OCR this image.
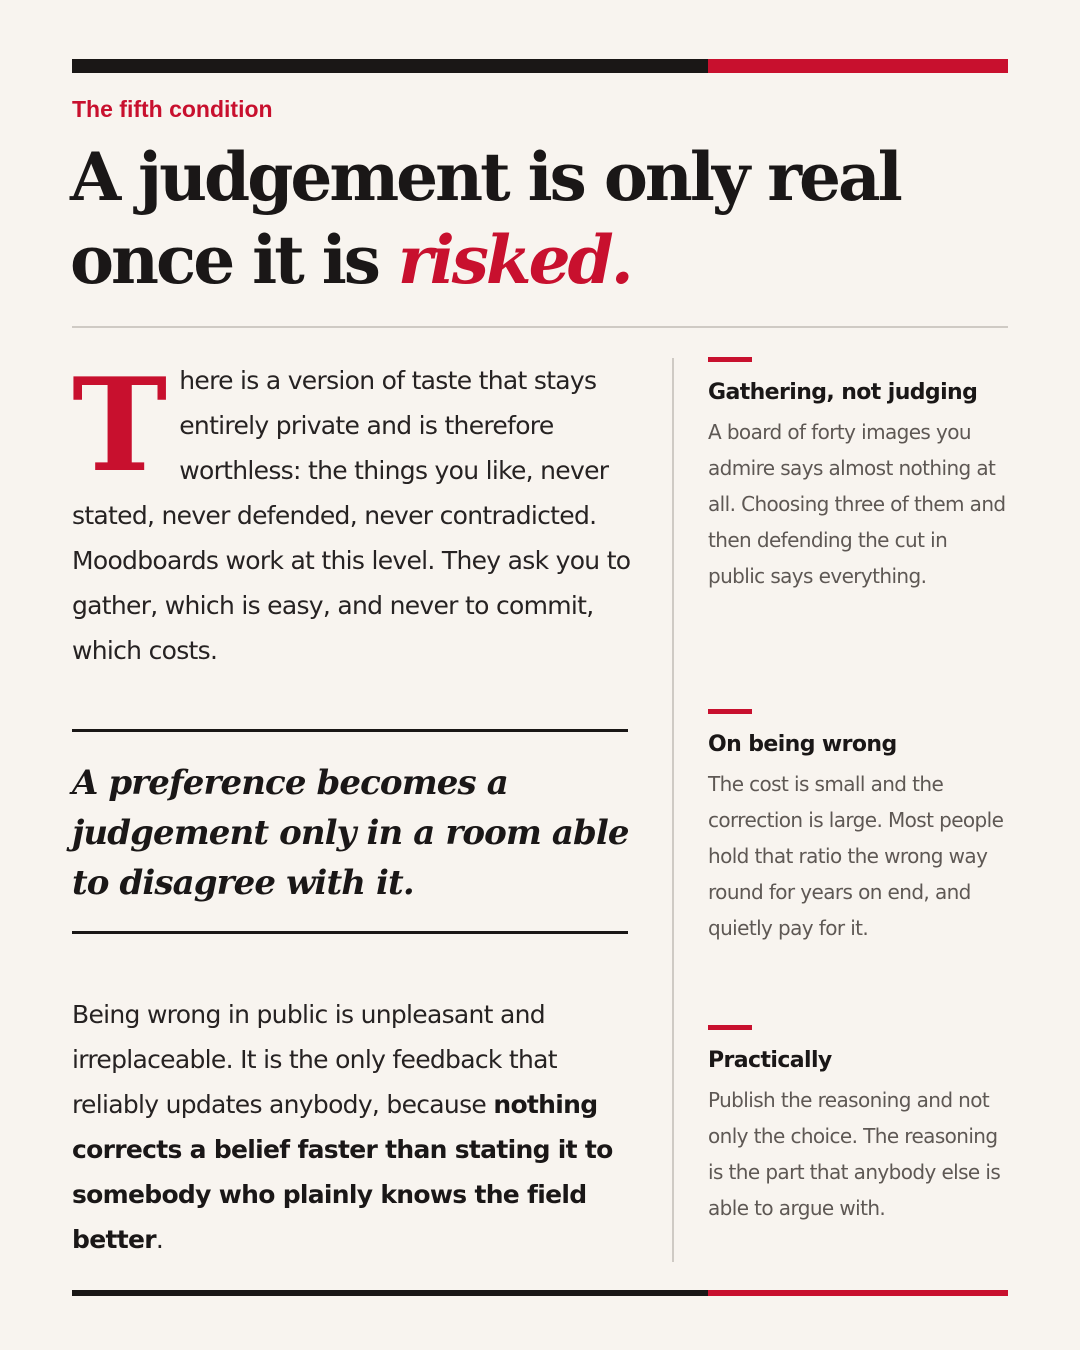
The fifth condition
A judgement is only real once it is risked.

There is a version of taste that stays entirely private and is therefore worthless: the things you like, never stated, never defended, never contradicted. Moodboards work at this level. They ask you to gather, which is easy, and never to commit, which costs.

A preference becomes a judgement only in a room able to disagree with it.

Being wrong in public is unpleasant and irreplaceable. It is the only feedback that reliably updates anybody, because nothing corrects a belief faster than stating it to somebody who plainly knows the field better.

Gathering, not judging

A board of forty images you admire says almost nothing at all. Choosing three of them and then defending the cut in public says everything.

On being wrong

The cost is small and the correction is large. Most people hold that ratio the wrong way round for years on end, and quietly pay for it.

Practically

Publish the reasoning and not only the choice. The reasoning is the part that anybody else is able to argue with.
